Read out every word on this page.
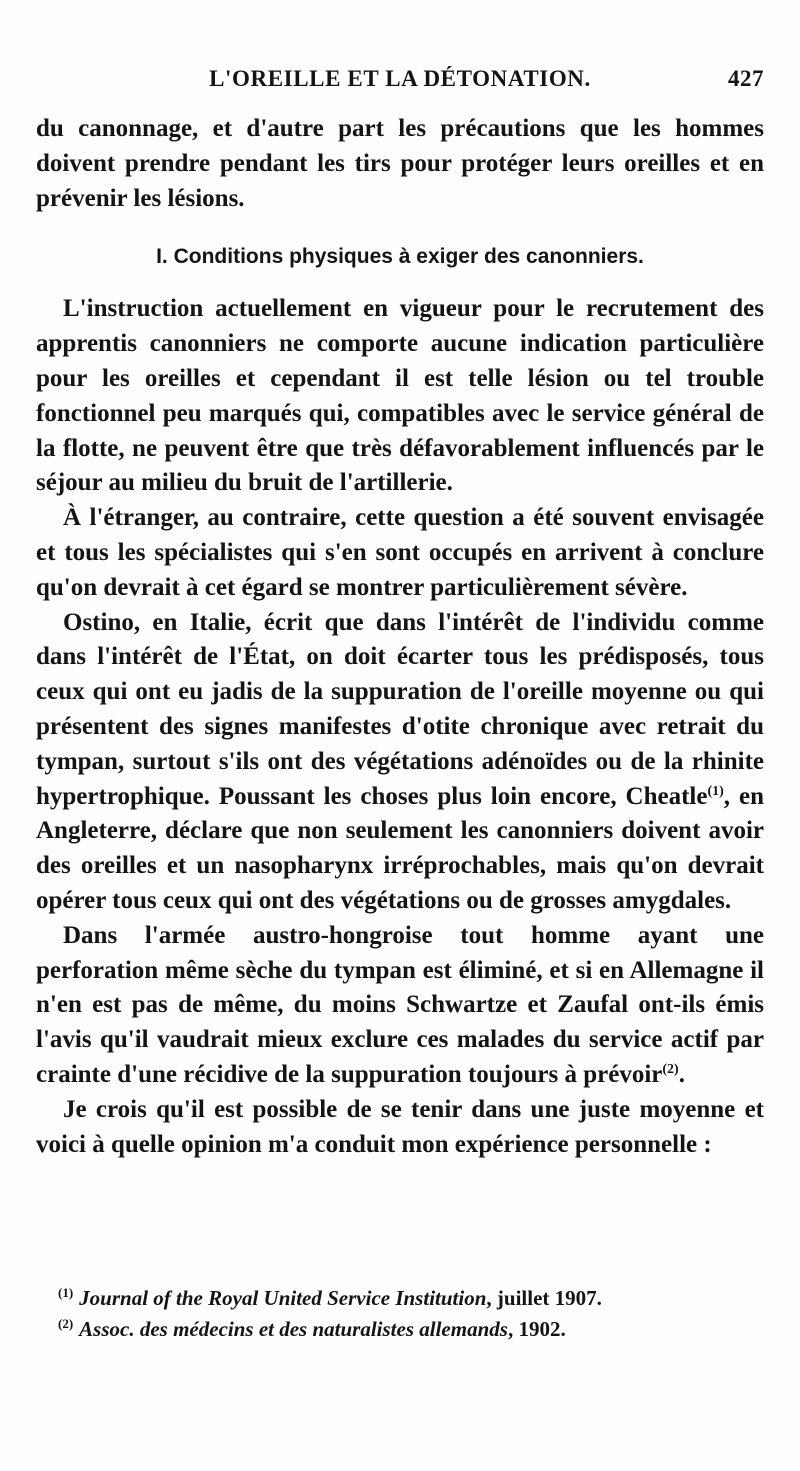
L'OREILLE ET LA DÉTONATION.	427

du canonnage, et d'autre part les précautions que les hommes doivent prendre pendant les tirs pour protéger leurs oreilles et en prévenir les lésions.

I. Conditions physiques à exiger des canonniers.

L'instruction actuellement en vigueur pour le recrutement des apprentis canonniers ne comporte aucune indication particulière pour les oreilles et cependant il est telle lésion ou tel trouble fonctionnel peu marqués qui, compatibles avec le service général de la flotte, ne peuvent être que très défavorablement influencés par le séjour au milieu du bruit de l'artillerie.

À l'étranger, au contraire, cette question a été souvent envisagée et tous les spécialistes qui s'en sont occupés en arrivent à conclure qu'on devrait à cet égard se montrer particulièrement sévère.

Ostino, en Italie, écrit que dans l'intérêt de l'individu comme dans l'intérêt de l'État, on doit écarter tous les prédisposés, tous ceux qui ont eu jadis de la suppuration de l'oreille moyenne ou qui présentent des signes manifestes d'otite chronique avec retrait du tympan, surtout s'ils ont des végétations adénoïdes ou de la rhinite hypertrophique. Poussant les choses plus loin encore, Cheatle$^{(1)}$, en Angleterre, déclare que non seulement les canonniers doivent avoir des oreilles et un nasopharynx irréprochables, mais qu'on devrait opérer tous ceux qui ont des végétations ou de grosses amygdales.

Dans l'armée austro-hongroise tout homme ayant une perforation même sèche du tympan est éliminé, et si en Allemagne il n'en est pas de même, du moins Schwartze et Zaufal ont-ils émis l'avis qu'il vaudrait mieux exclure ces malades du service actif par crainte d'une récidive de la suppuration toujours à prévoir$^{(2)}$.

Je crois qu'il est possible de se tenir dans une juste moyenne et voici à quelle opinion m'a conduit mon expérience personnelle :

$^{(1)}$ Journal of the Royal United Service Institution, juillet 1907.
$^{(2)}$ Assoc. des médecins et des naturalistes allemands, 1902.
